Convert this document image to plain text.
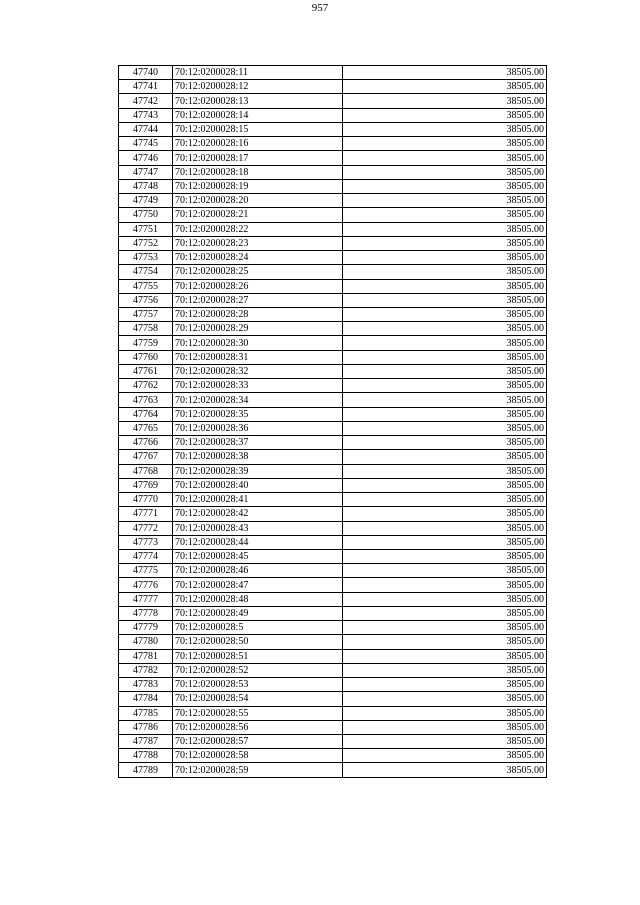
957
47740	70:12:0200028:11	38505.00
47741	70:12:0200028:12	38505.00
47742	70:12:0200028:13	38505.00
47743	70:12:0200028:14	38505.00
47744	70:12:0200028:15	38505.00
47745	70:12:0200028:16	38505.00
47746	70:12:0200028:17	38505.00
47747	70:12:0200028:18	38505.00
47748	70:12:0200028:19	38505.00
47749	70:12:0200028:20	38505.00
47750	70:12:0200028:21	38505.00
47751	70:12:0200028:22	38505.00
47752	70:12:0200028:23	38505.00
47753	70:12:0200028:24	38505.00
47754	70:12:0200028:25	38505.00
47755	70:12:0200028:26	38505.00
47756	70:12:0200028:27	38505.00
47757	70:12:0200028:28	38505.00
47758	70:12:0200028:29	38505.00
47759	70:12:0200028:30	38505.00
47760	70:12:0200028:31	38505.00
47761	70:12:0200028:32	38505.00
47762	70:12:0200028:33	38505.00
47763	70:12:0200028:34	38505.00
47764	70:12:0200028:35	38505.00
47765	70:12:0200028:36	38505.00
47766	70:12:0200028:37	38505.00
47767	70:12:0200028:38	38505.00
47768	70:12:0200028:39	38505.00
47769	70:12:0200028:40	38505.00
47770	70:12:0200028:41	38505.00
47771	70:12:0200028:42	38505.00
47772	70:12:0200028:43	38505.00
47773	70:12:0200028:44	38505.00
47774	70:12:0200028:45	38505.00
47775	70:12:0200028:46	38505.00
47776	70:12:0200028:47	38505.00
47777	70:12:0200028:48	38505.00
47778	70:12:0200028:49	38505.00
47779	70:12:0200028:5	38505.00
47780	70:12:0200028:50	38505.00
47781	70:12:0200028:51	38505.00
47782	70:12:0200028:52	38505.00
47783	70:12:0200028:53	38505.00
47784	70:12:0200028:54	38505.00
47785	70:12:0200028:55	38505.00
47786	70:12:0200028:56	38505.00
47787	70:12:0200028:57	38505.00
47788	70:12:0200028:58	38505.00
47789	70:12:0200028:59	38505.00
